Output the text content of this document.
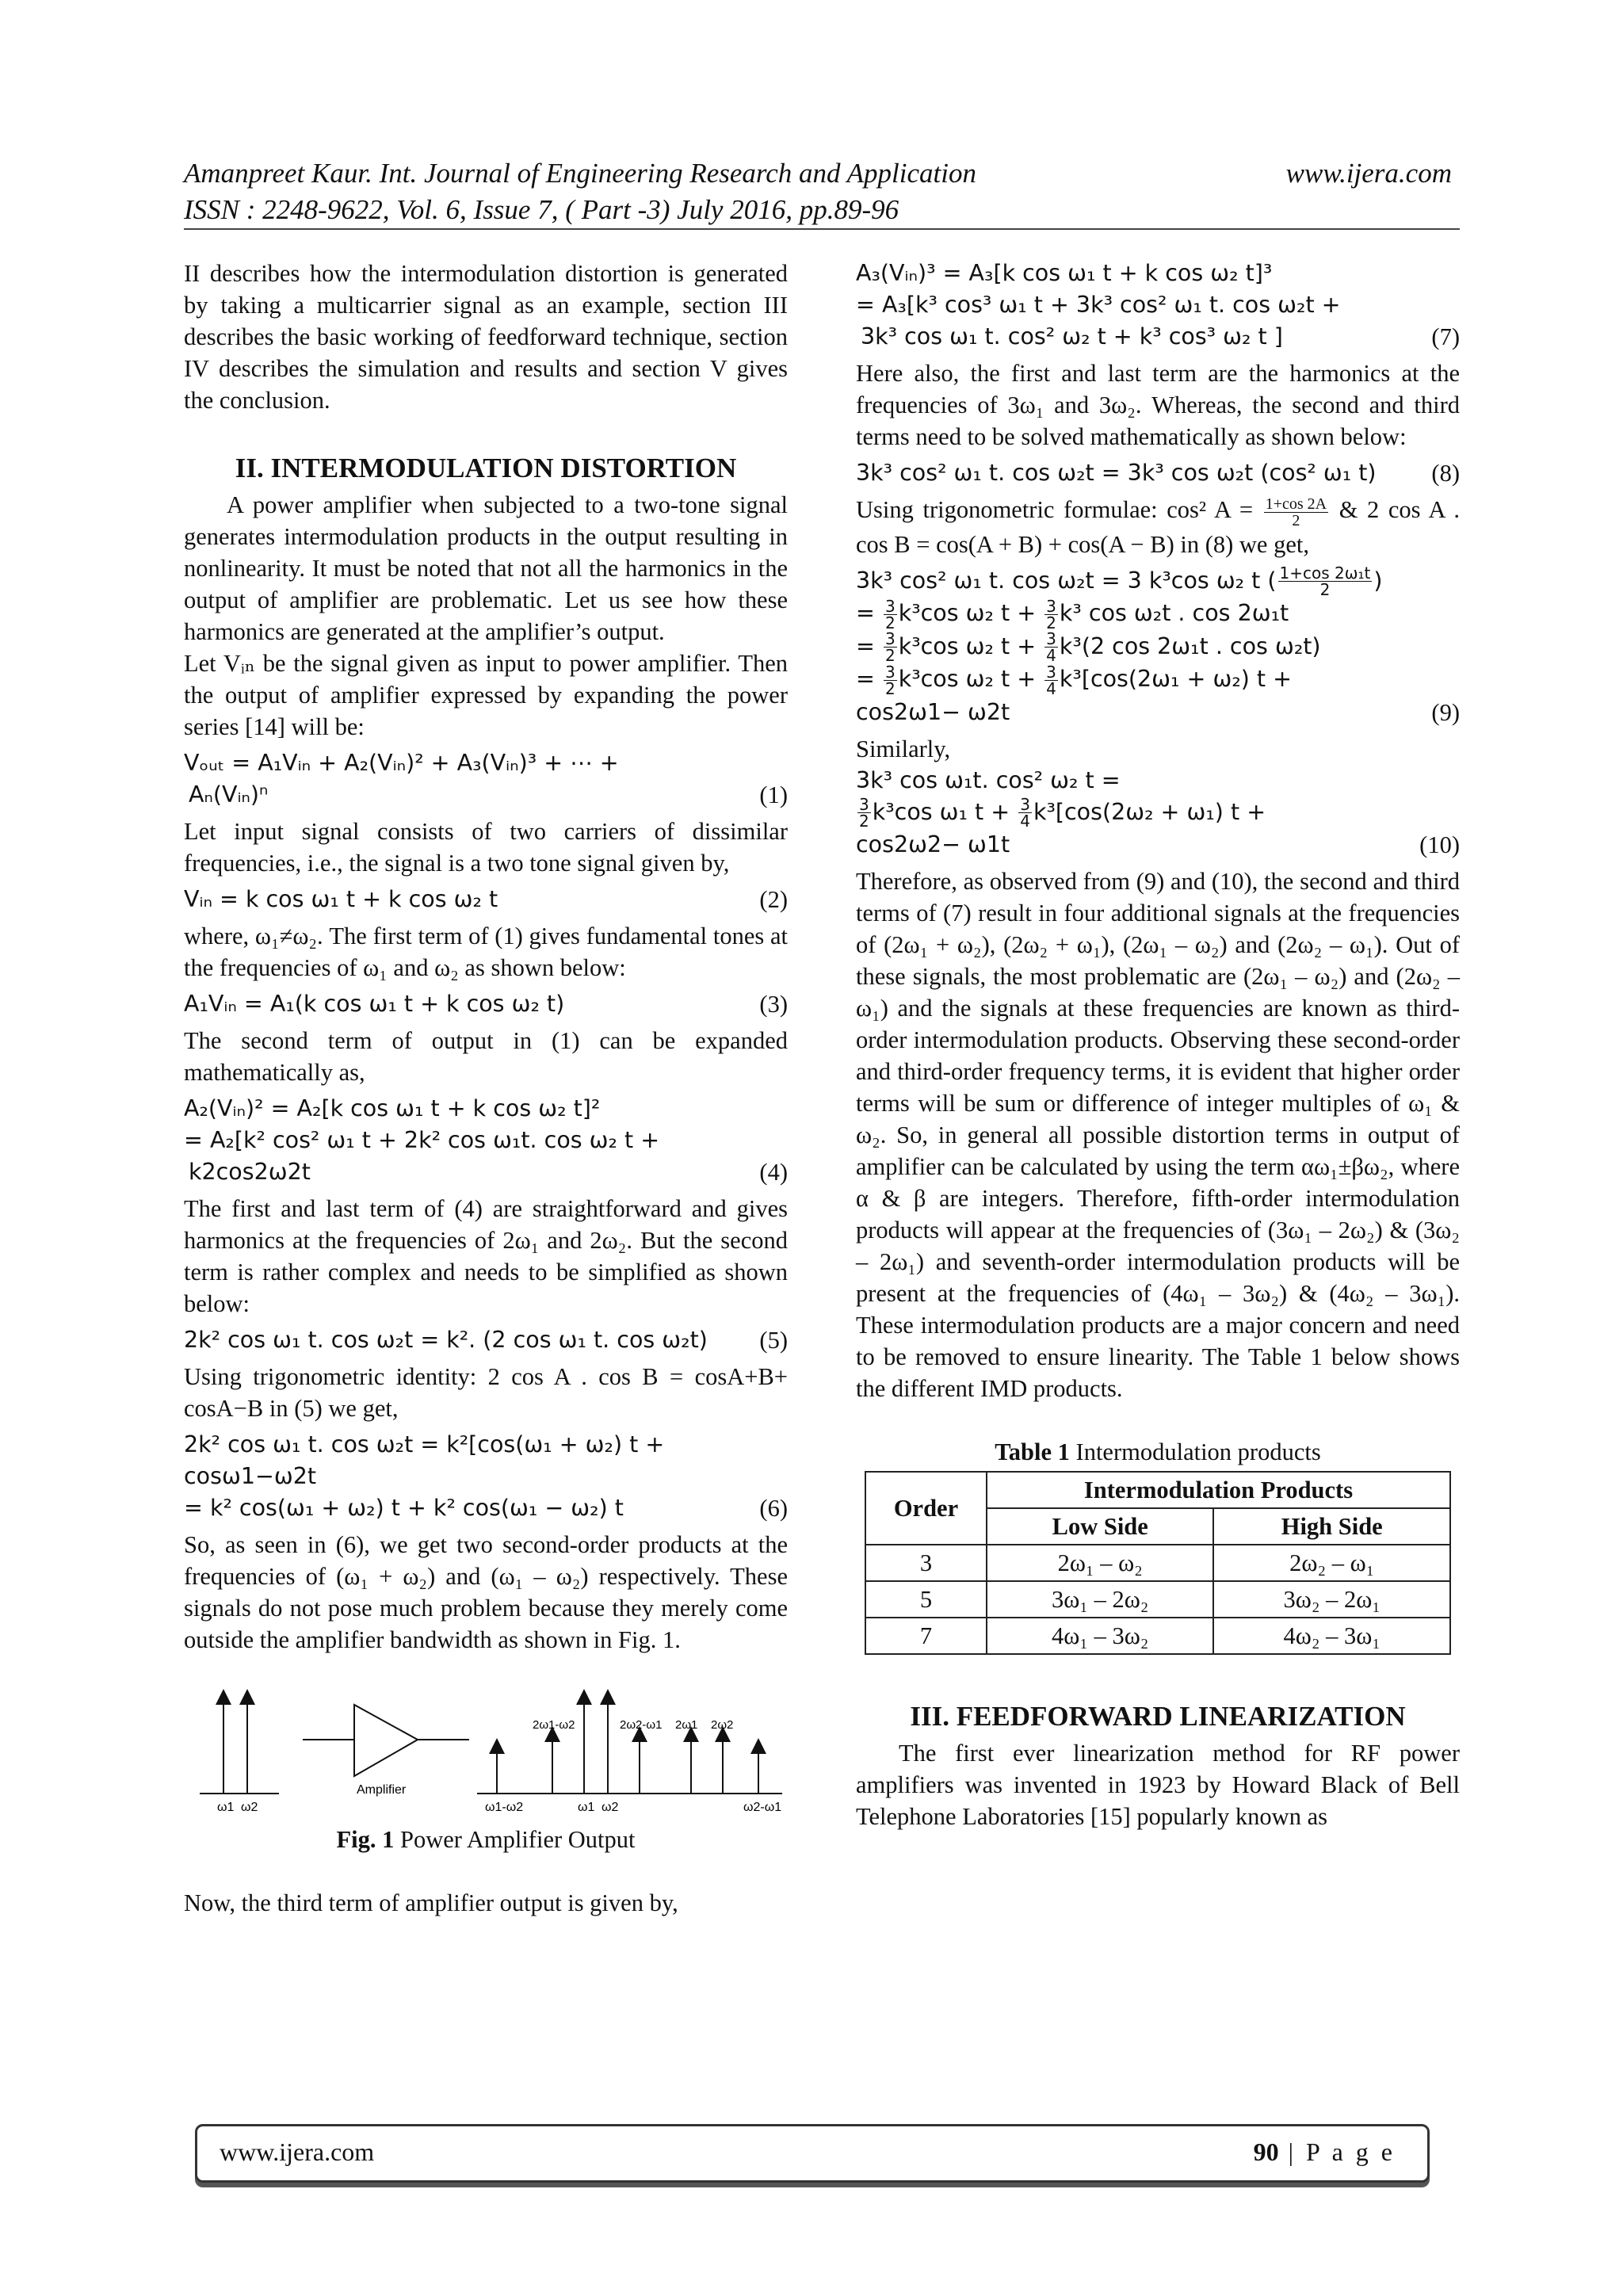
Amanpreet Kaur. Int. Journal of Engineering Research and Application	www.ijera.com
ISSN : 2248-9622, Vol. 6, Issue 7, ( Part -3) July 2016, pp.89-96

II describes how the intermodulation distortion is generated by taking a multicarrier signal as an example, section III describes the basic working of feedforward technique, section IV describes the simulation and results and section V gives the conclusion.

II. INTERMODULATION DISTORTION

A power amplifier when subjected to a two-tone signal generates intermodulation products in the output resulting in nonlinearity. It must be noted that not all the harmonics in the output of amplifier are problematic. Let us see how these harmonics are generated at the amplifier’s output.

Let Vᵢₙ be the signal given as input to power amplifier. Then the output of amplifier expressed by expanding the power series [14] will be:

Vₒᵤₜ = A₁Vᵢₙ + A₂(Vᵢₙ)² + A₃(Vᵢₙ)³ + ⋯ +
Aₙ(Vᵢₙ)ⁿ	(1)

Let input signal consists of two carriers of dissimilar frequencies, i.e., the signal is a two tone signal given by,

Vᵢₙ = k cos ω₁ t + k cos ω₂ t	(2)

where, ω₁≠ω₂. The first term of (1) gives fundamental tones at the frequencies of ω₁ and ω₂ as shown below:

A₁Vᵢₙ = A₁(k cos ω₁ t + k cos ω₂ t)	(3)

The second term of output in (1) can be expanded mathematically as,

A₂(Vᵢₙ)² = A₂[k cos ω₁ t + k cos ω₂ t]²
= A₂[k² cos² ω₁ t + 2k² cos ω₁t. cos ω₂ t +
k2cos2ω2t	(4)

The first and last term of (4) are straightforward and gives harmonics at the frequencies of 2ω₁ and 2ω₂. But the second term is rather complex and needs to be simplified as shown below:

2k² cos ω₁ t. cos ω₂t = k². (2 cos ω₁ t. cos ω₂t)	(5)

Using trigonometric identity: 2 cos A . cos B = cosA+B+ cosA−B in (5) we get,

2k² cos ω₁ t. cos ω₂t = k²[cos(ω₁ + ω₂) t +
cosω1−ω2t
= k² cos(ω₁ + ω₂) t + k² cos(ω₁ − ω₂) t	(6)

So, as seen in (6), we get two second-order products at the frequencies of (ω₁ + ω₂) and (ω₁ – ω₂) respectively. These signals do not pose much problem because they merely come outside the amplifier bandwidth as shown in Fig. 1.

ω1 ω2
Amplifier
ω1-ω2	ω1 ω2	ω2-ω1
2ω1-ω2	2ω2-ω1 2ω1 2ω2

Fig. 1 Power Amplifier Output

Now, the third term of amplifier output is given by,

A₃(Vᵢₙ)³ = A₃[k cos ω₁ t + k cos ω₂ t]³
= A₃[k³ cos³ ω₁ t + 3k³ cos² ω₁ t. cos ω₂t +
3k³ cos ω₁ t. cos² ω₂ t + k³ cos³ ω₂ t ]	(7)

Here also, the first and last term are the harmonics at the frequencies of 3ω₁ and 3ω₂. Whereas, the second and third terms need to be solved mathematically as shown below:

3k³ cos² ω₁ t. cos ω₂t = 3k³ cos ω₂t (cos² ω₁ t)	(8)

Using trigonometric formulae: cos² $A = \frac{1+\cos 2A}{2}$ & 2 cos A . cos B = cos(A + B) + cos(A − B) in (8) we get,

3k³ cos² ω₁ t. cos ω₂t = 3 k³cos ω₂ t ( $\frac{\text{1+cos 2ω₁t}}{2}$ )
= $\frac{3}{2} k^3\cos$ ω₂ $t + \frac{3}{2} k^3$ cos ω₂t . cos 2ω₁t
= $\frac{3}{2} k^3\cos$ ω₂ $t + \frac{3}{4} k^3(2$ cos 2ω₁t . cos ω₂t)
= $\frac{3}{2} k^3\cos$ ω₂ $t + \frac{3}{4} k^3[\cos(2\omega_1 + \omega_2) t$ +
cos2ω1− ω2t	(9)

Similarly,

3k³ cos ω₁t. cos² ω₂ t =
$\frac{3}{2} k^3\cos$ ω₁ $t + \frac{3}{4} k^3[\cos(2\omega_2 + \omega_1) t$ +
cos2ω2− ω1t	(10)

Therefore, as observed from (9) and (10), the second and third terms of (7) result in four additional signals at the frequencies of (2ω₁ + ω₂), (2ω₂ + ω₁), (2ω₁ – ω₂) and (2ω₂ – ω₁). Out of these signals, the most problematic are (2ω₁ – ω₂) and (2ω₂ – ω₁) and the signals at these frequencies are known as third-order intermodulation products. Observing these second-order and third-order frequency terms, it is evident that higher order terms will be sum or difference of integer multiples of ω₁ & ω₂. So, in general all possible distortion terms in output of amplifier can be calculated by using the term αω₁±βω₂, where α & β are integers. Therefore, fifth-order intermodulation products will appear at the frequencies of (3ω₁ – 2ω₂) & (3ω₂ – 2ω₁) and seventh-order intermodulation products will be present at the frequencies of (4ω₁ – 3ω₂) & (4ω₂ – 3ω₁). These intermodulation products are a major concern and need to be removed to ensure linearity. The Table 1 below shows the different IMD products.

Table 1 Intermodulation products

Order	Intermodulation Products	
	Low Side	High Side
3	2ω₁ – ω₂	2ω₂ – ω₁
5	3ω₁ – 2ω₂	3ω₂ – 2ω₁
7	4ω₁ – 3ω₂	4ω₂ – 3ω₁
III. FEEDFORWARD LINEARIZATION

The first ever linearization method for RF power amplifiers was invented in 1923 by Howard Black of Bell Telephone Laboratories [15] popularly known as

www.ijera.com	90 | P a g e
